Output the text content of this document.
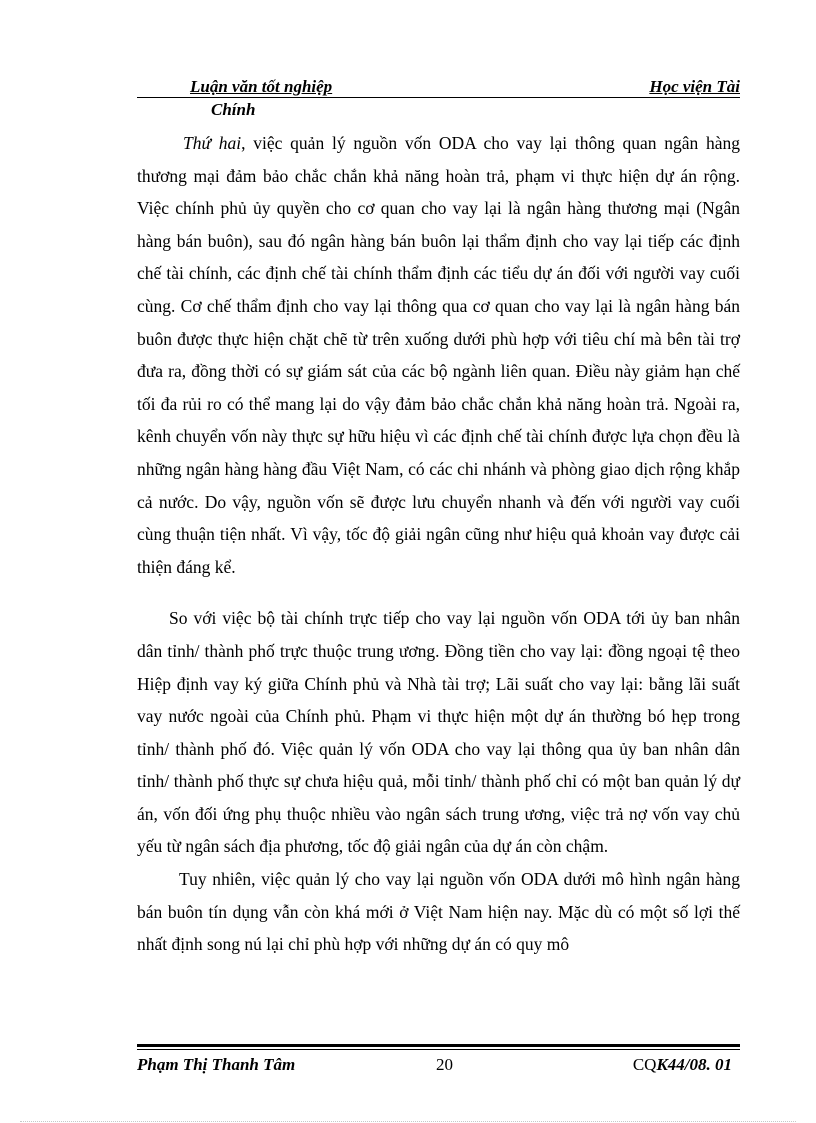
Luận văn tốt nghiệp	Học viện Tài
Chính

Thứ hai, việc quản lý nguồn vốn ODA cho vay lại thông quan ngân hàng thương mại đảm bảo chắc chắn khả năng hoàn trả, phạm vi thực hiện dự án rộng. Việc chính phủ ủy quyền cho cơ quan cho vay lại là ngân hàng thương mại (Ngân hàng bán buôn), sau đó ngân hàng bán buôn lại thẩm định cho vay lại tiếp các định chế tài chính, các định chế tài chính thẩm định các tiểu dự án đối với người vay cuối cùng. Cơ chế thẩm định cho vay lại thông qua cơ quan cho vay lại là ngân hàng bán buôn được thực hiện chặt chẽ từ trên xuống dưới phù hợp với tiêu chí mà bên tài trợ đưa ra, đồng thời có sự giám sát của các bộ ngành liên quan. Điều này giảm hạn chế tối đa rủi ro có thể mang lại do vậy đảm bảo chắc chắn khả năng hoàn trả. Ngoài ra, kênh chuyển vốn này thực sự hữu hiệu vì các định chế tài chính được lựa chọn đều là những ngân hàng hàng đầu Việt Nam, có các chi nhánh và phòng giao dịch rộng khắp cả nước. Do vậy, nguồn vốn sẽ được lưu chuyển nhanh và đến với người vay cuối cùng thuận tiện nhất. Vì vậy, tốc độ giải ngân cũng như hiệu quả khoản vay được cải thiện đáng kể.

So với việc bộ tài chính trực tiếp cho vay lại nguồn vốn ODA tới ủy ban nhân dân tỉnh/ thành phố trực thuộc trung ương. Đồng tiền cho vay lại: đồng ngoại tệ theo Hiệp định vay ký giữa Chính phủ và Nhà tài trợ; Lãi suất cho vay lại: bằng lãi suất vay nước ngoài của Chính phủ. Phạm vi thực hiện một dự án thường bó hẹp trong tỉnh/ thành phố đó. Việc quản lý vốn ODA cho vay lại thông qua ủy ban nhân dân tỉnh/ thành phố thực sự chưa hiệu quả, mỗi tỉnh/ thành phố chỉ có một ban quản lý dự án, vốn đối ứng phụ thuộc nhiều vào ngân sách trung ương, việc trả nợ vốn vay chủ yếu từ ngân sách địa phương, tốc độ giải ngân của dự án còn chậm.

Tuy nhiên, việc quản lý cho vay lại nguồn vốn ODA dưới mô hình ngân hàng bán buôn tín dụng vẫn còn khá mới ở Việt Nam hiện nay. Mặc dù có một số lợi thế nhất định song nú lại chỉ phù hợp với những dự án có quy mô

Phạm Thị Thanh Tâm	20	CQK44/08. 01
